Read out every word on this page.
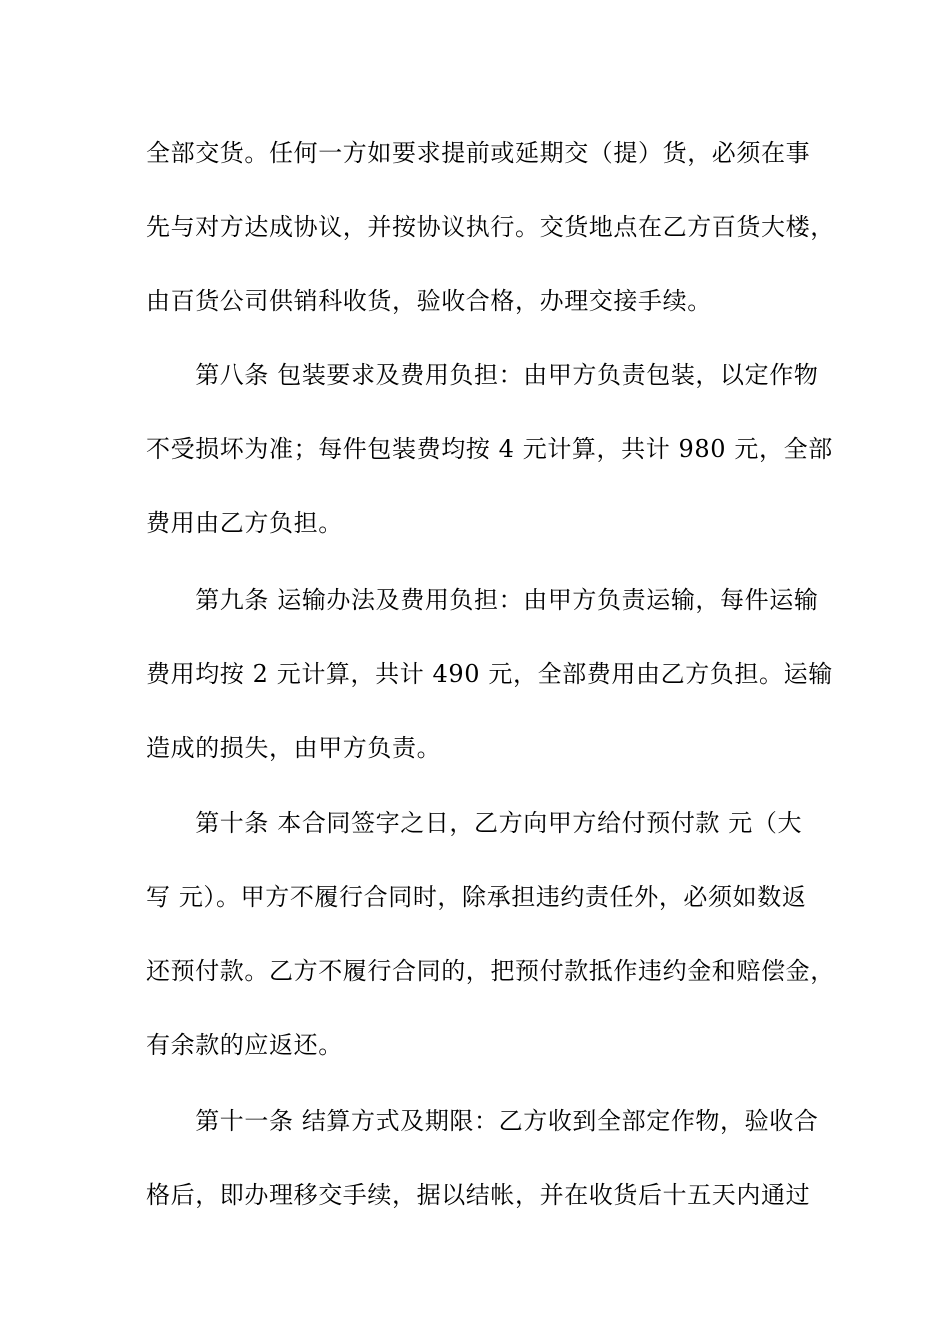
全部交货。任何一方如要求提前或延期交（提）货，必须在事
先与对方达成协议，并按协议执行。交货地点在乙方百货大楼，
由百货公司供销科收货，验收合格，办理交接手续。
　　第八条 包装要求及费用负担：由甲方负责包装，以定作物
不受损坏为准；每件包装费均按 4 元计算，共计 980 元，全部
费用由乙方负担。
　　第九条 运输办法及费用负担：由甲方负责运输，每件运输
费用均按 2 元计算，共计 490 元，全部费用由乙方负担。运输
造成的损失，由甲方负责。
　　第十条 本合同签字之日，乙方向甲方给付预付款 元（大
写 元）。甲方不履行合同时，除承担违约责任外，必须如数返
还预付款。乙方不履行合同的，把预付款抵作违约金和赔偿金，
有余款的应返还。
　　第十一条 结算方式及期限：乙方收到全部定作物，验收合
格后，即办理移交手续，据以结帐，并在收货后十五天内通过
